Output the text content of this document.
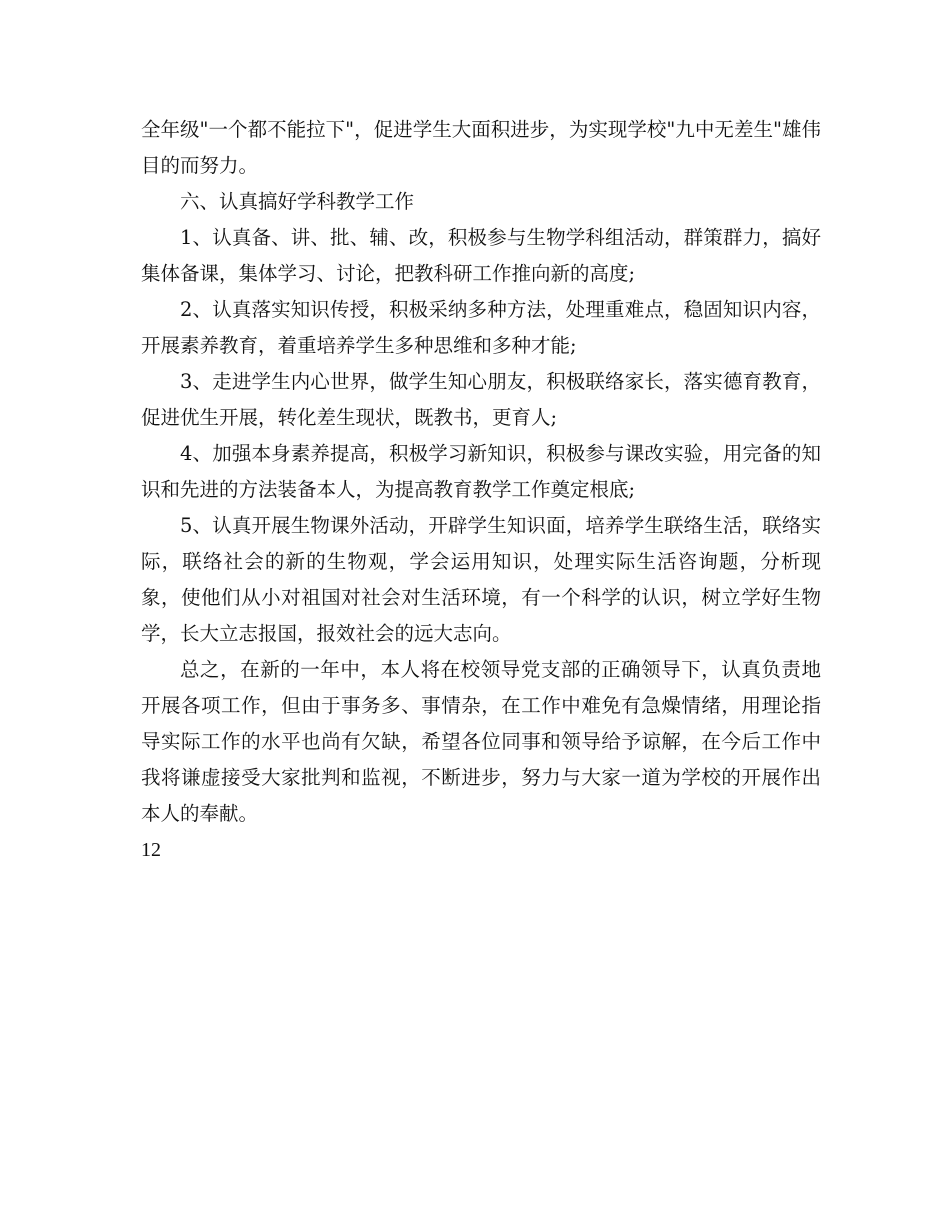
全年级"一个都不能拉下"，促进学生大面积进步，为实现学校"九中无差生"雄伟目的而努力。

六、认真搞好学科教学工作

1、认真备、讲、批、辅、改，积极参与生物学科组活动，群策群力，搞好集体备课，集体学习、讨论，把教科研工作推向新的高度;

2、认真落实知识传授，积极采纳多种方法，处理重难点，稳固知识内容，开展素养教育，着重培养学生多种思维和多种才能;

3、走进学生内心世界，做学生知心朋友，积极联络家长，落实德育教育，促进优生开展，转化差生现状，既教书，更育人;

4、加强本身素养提高，积极学习新知识，积极参与课改实验，用完备的知识和先进的方法装备本人，为提高教育教学工作奠定根底;

5、认真开展生物课外活动，开辟学生知识面，培养学生联络生活，联络实际，联络社会的新的生物观，学会运用知识，处理实际生活咨询题，分析现象，使他们从小对祖国对社会对生活环境，有一个科学的认识，树立学好生物学，长大立志报国，报效社会的远大志向。

总之，在新的一年中，本人将在校领导党支部的正确领导下，认真负责地开展各项工作，但由于事务多、事情杂，在工作中难免有急燥情绪，用理论指导实际工作的水平也尚有欠缺，希望各位同事和领导给予谅解，在今后工作中我将谦虚接受大家批判和监视，不断进步，努力与大家一道为学校的开展作出本人的奉献。

12
